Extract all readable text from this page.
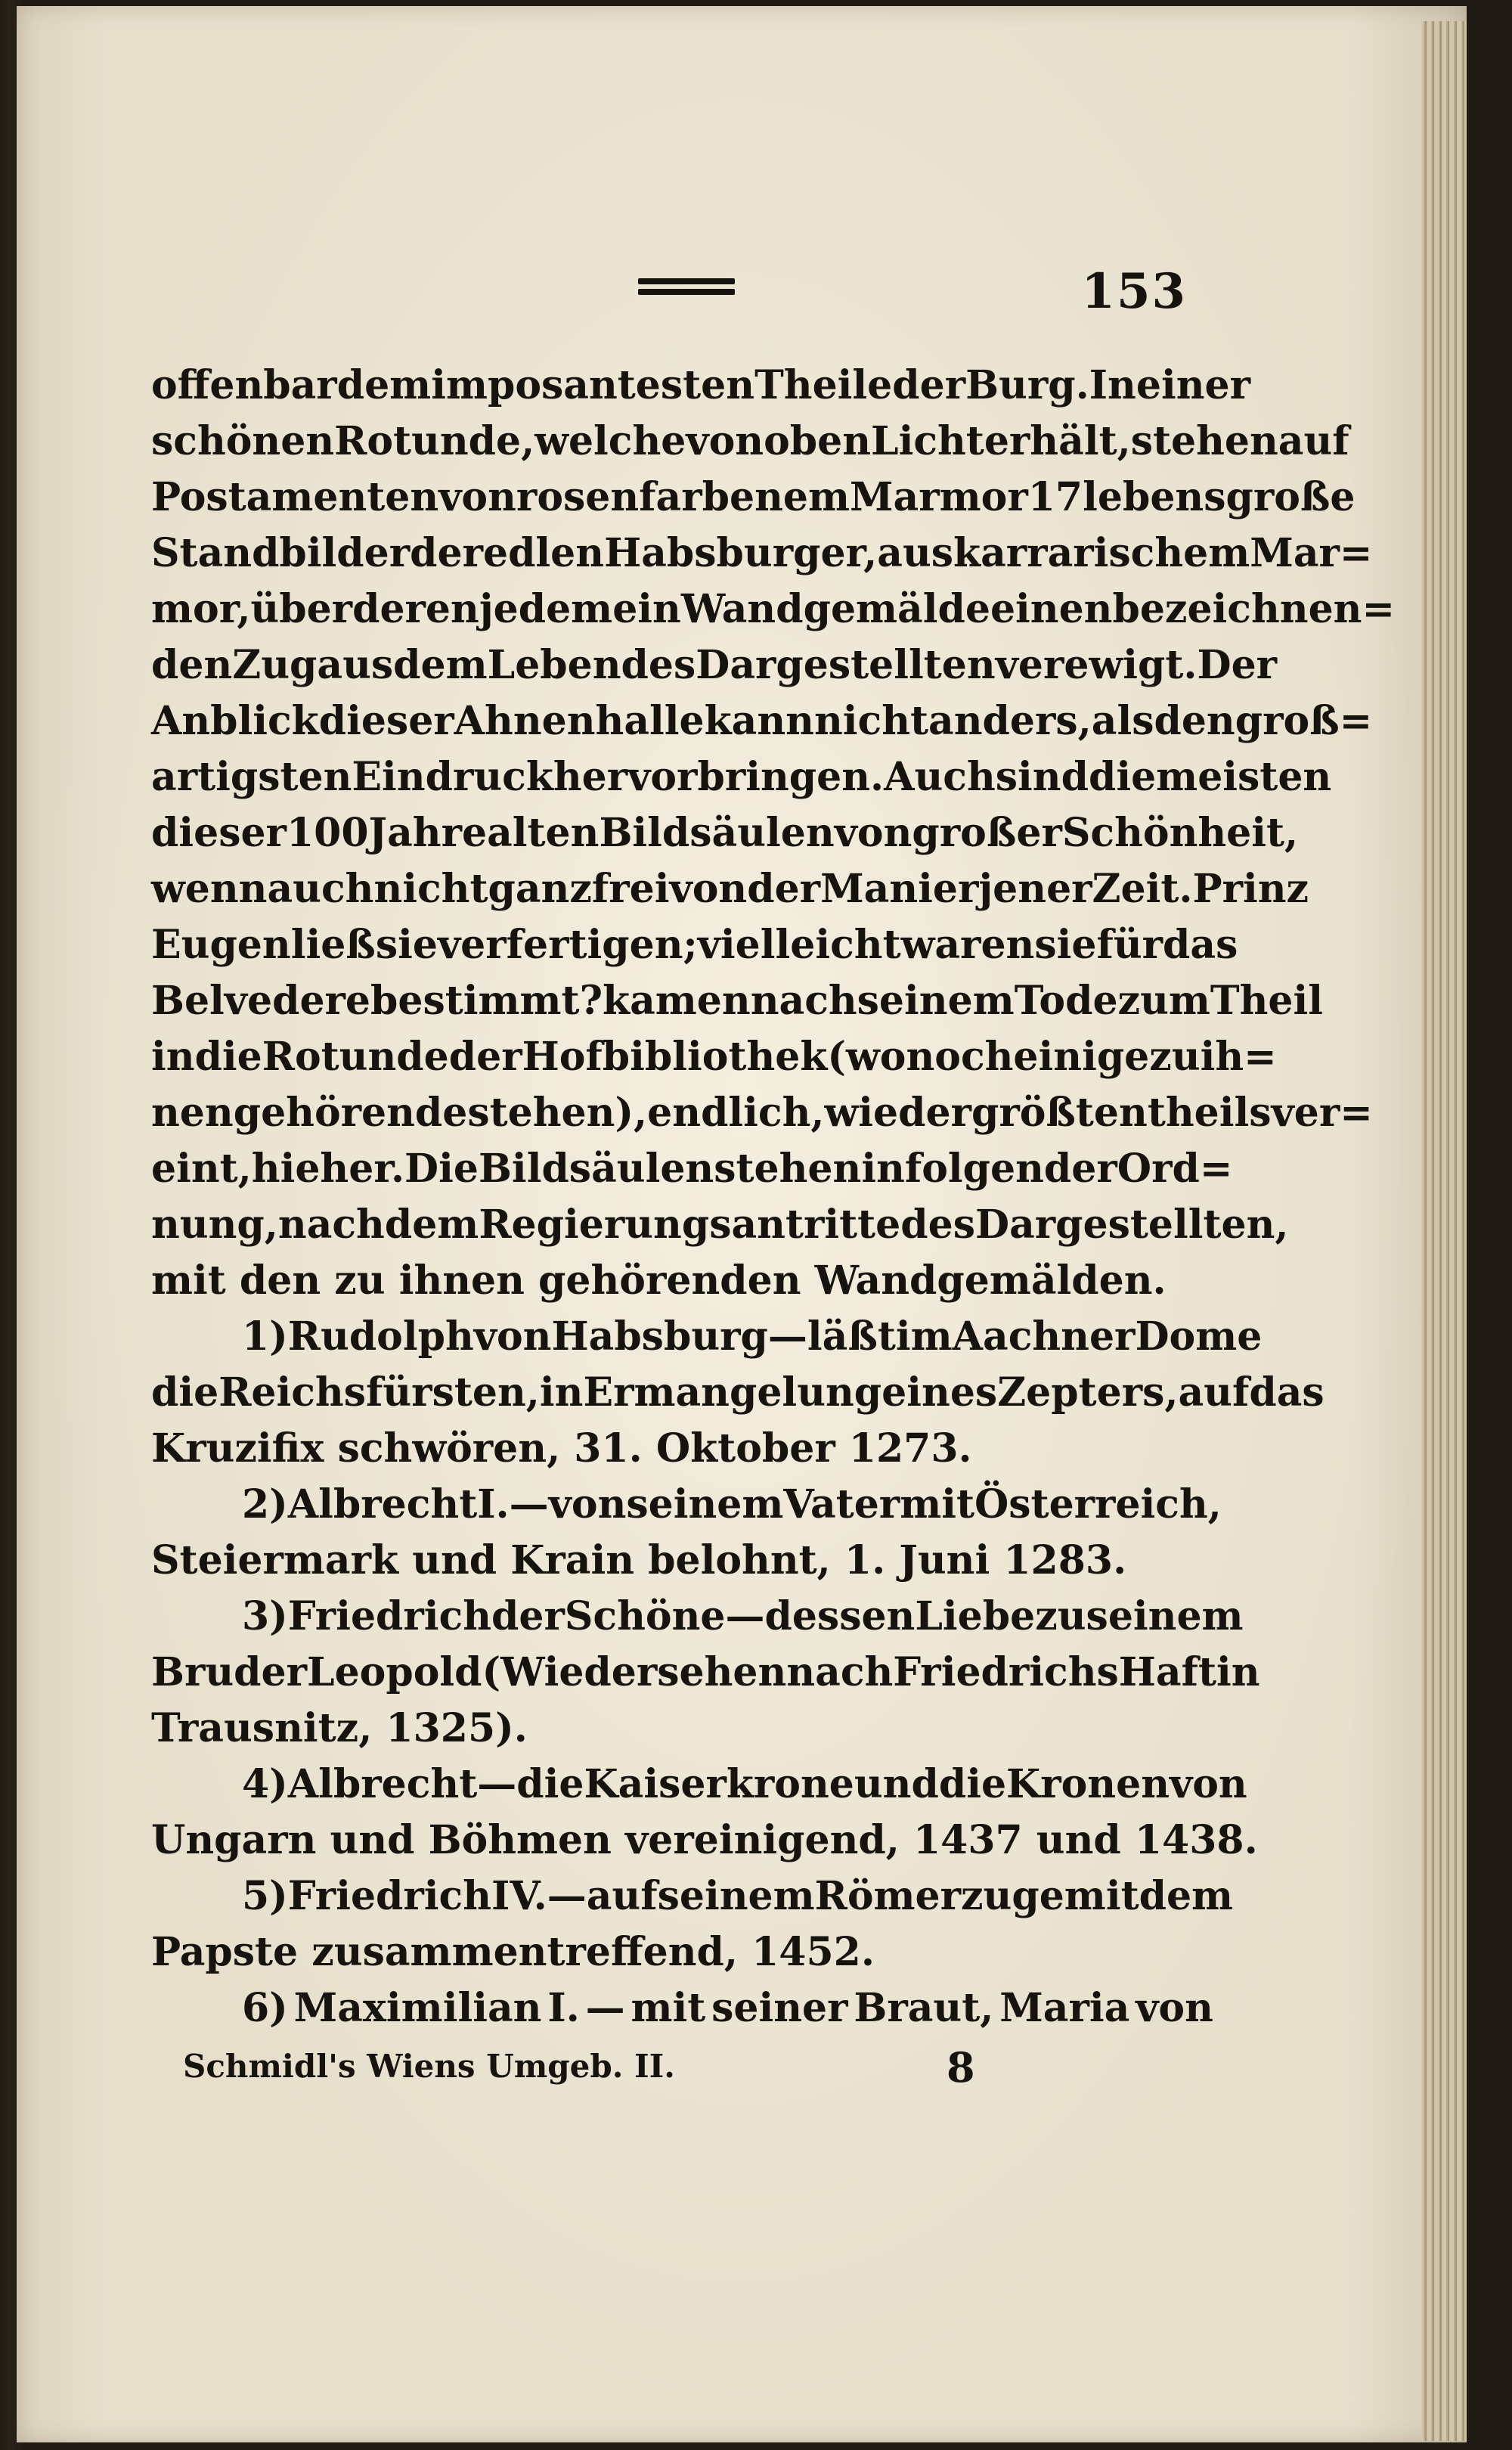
153
offenbar dem imposantesten Theile der Burg. In einer
schönen Rotunde, welche von oben Licht erhält, stehen auf
Postamenten von rosenfarbenem Marmor 17 lebensgroße
Standbilder der edlen Habsburger, aus karrarischem Mar=
mor, über deren jedem ein Wandgemälde einen bezeichnen=
den Zug aus dem Leben des Dargestellten verewigt. Der
Anblick dieser Ahnenhalle kann nicht anders, als den groß=
artigsten Eindruck hervorbringen. Auch sind die meisten
dieser 100 Jahre alten Bildsäulen von großer Schönheit,
wenn auch nicht ganz frei von der Manier jener Zeit. Prinz
Eugen ließ sie verfertigen; vielleicht waren sie für das
Belvedere bestimmt? kamen nach seinem Tode zum Theil
in die Rotunde der Hofbibliothek (wo noch einige zu ih=
nen gehörende stehen), endlich, wieder größtentheils ver=
eint, hieher. Die Bildsäulen stehen in folgender Ord=
nung, nach dem Regierungsantritte des Dargestellten,
mit den zu ihnen gehörenden Wandgemälden.
1) Rudolph von Habsburg — läßt im Aachner Dome
die Reichsfürsten, in Ermangelung eines Zepters, auf das
Kruzifix schwören, 31. Oktober 1273.
2) Albrecht I. — von seinem Vater mit Österreich,
Steiermark und Krain belohnt, 1. Juni 1283.
3) Friedrich der Schöne — dessen Liebe zu seinem
Bruder Leopold (Wiedersehen nach Friedrichs Haft in
Trausnitz, 1325).
4) Albrecht — die Kaiserkrone und die Kronen von
Ungarn und Böhmen vereinigend, 1437 und 1438.
5) Friedrich IV. — auf seinem Römerzuge mit dem
Papste zusammentreffend, 1452.
6) Maximilian I. — mit seiner Braut, Maria von
Schmidl's Wiens Umgeb. II.	8
